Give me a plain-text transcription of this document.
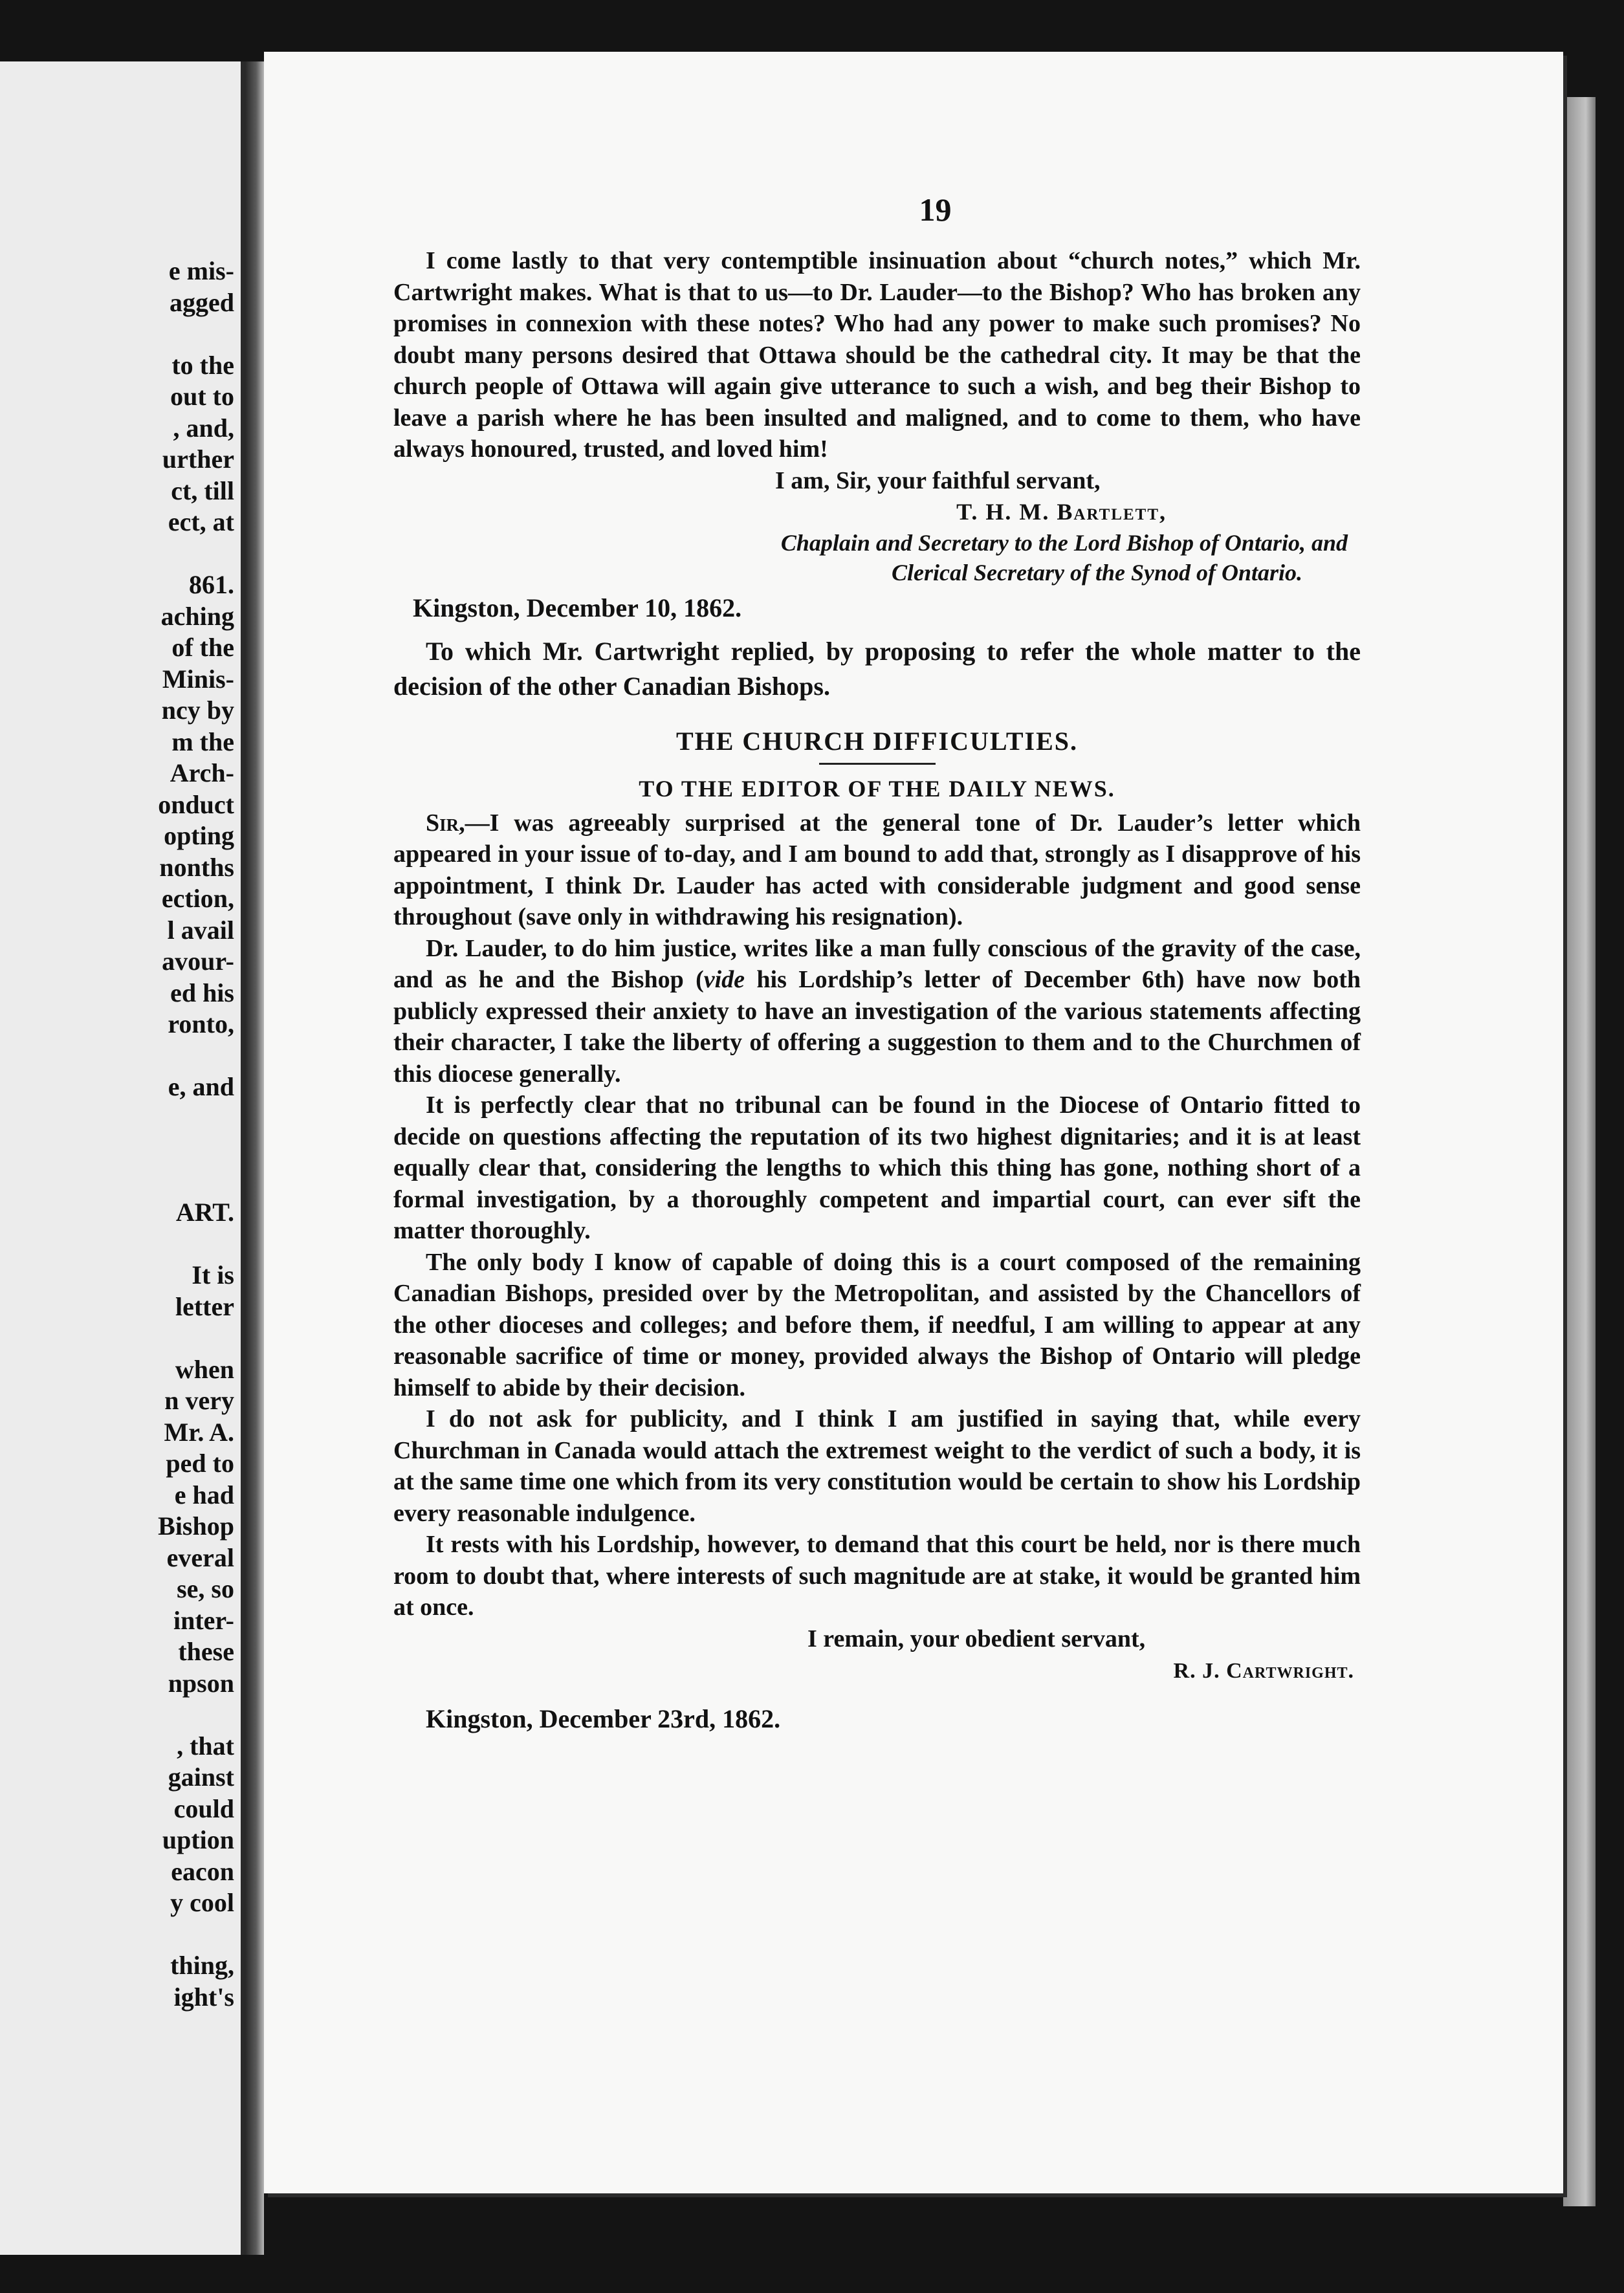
e mis-
agged
to the
out to
, and,
urther
ct, till
ect, at
861.
aching
of the
Minis-
ncy by
m the
Arch-
onduct
opting
nonths
ection,
l avail
avour-
ed his
ronto,
e, and
ART.
It is
letter
when
n very
Mr. A.
ped to
e had
Bishop
everal
se, so
inter-
these
npson
, that
gainst
could
uption
eacon
y cool
thing,
ight's
19

I come lastly to that very contemptible insinuation about “church notes,” which Mr. Cartwright makes. What is that to us—to Dr. Lauder—to the Bishop? Who has broken any promises in connexion with these notes? Who had any power to make such promises? No doubt many persons desired that Ottawa should be the cathedral city. It may be that the church people of Ottawa will again give utterance to such a wish, and beg their Bishop to leave a parish where he has been insulted and maligned, and to come to them, who have always honoured, trusted, and loved him!

I am, Sir, your faithful servant,
T. H. M. Bartlett,
Chaplain and Secretary to the Lord Bishop of Ontario, and
Clerical Secretary of the Synod of Ontario.
Kingston, December 10, 1862.

To which Mr. Cartwright replied, by proposing to refer the whole matter to the decision of the other Canadian Bishops.

THE CHURCH DIFFICULTIES.
TO THE EDITOR OF THE DAILY NEWS.

Sir,—I was agreeably surprised at the general tone of Dr. Lauder’s letter which appeared in your issue of to-day, and I am bound to add that, strongly as I disapprove of his appointment, I think Dr. Lauder has acted with considerable judgment and good sense throughout (save only in withdrawing his resignation).

Dr. Lauder, to do him justice, writes like a man fully conscious of the gravity of the case, and as he and the Bishop (vide his Lordship’s letter of December 6th) have now both publicly expressed their anxiety to have an investigation of the various statements affecting their character, I take the liberty of offering a suggestion to them and to the Churchmen of this diocese generally.

It is perfectly clear that no tribunal can be found in the Diocese of Ontario fitted to decide on questions affecting the reputation of its two highest dignitaries; and it is at least equally clear that, considering the lengths to which this thing has gone, nothing short of a formal investigation, by a thoroughly competent and impartial court, can ever sift the matter thoroughly.

The only body I know of capable of doing this is a court composed of the remaining Canadian Bishops, presided over by the Metropolitan, and assisted by the Chancellors of the other dioceses and colleges; and before them, if needful, I am willing to appear at any reasonable sacrifice of time or money, provided always the Bishop of Ontario will pledge himself to abide by their decision.

I do not ask for publicity, and I think I am justified in saying that, while every Churchman in Canada would attach the extremest weight to the verdict of such a body, it is at the same time one which from its very constitution would be certain to show his Lordship every reasonable indulgence.

It rests with his Lordship, however, to demand that this court be held, nor is there much room to doubt that, where interests of such magnitude are at stake, it would be granted him at once.

I remain, your obedient servant,
R. J. Cartwright.
Kingston, December 23rd, 1862.
